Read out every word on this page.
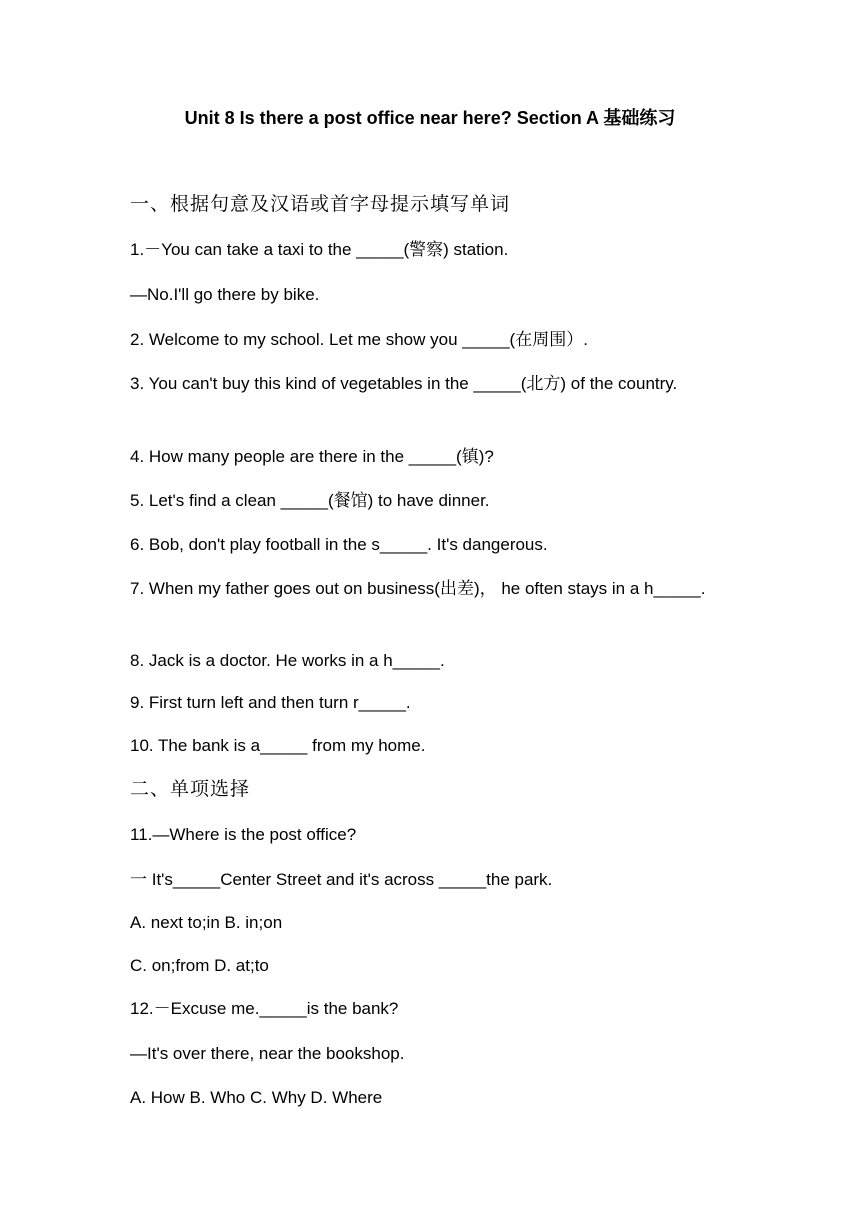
Unit 8 Is there a post office near here? Section A 基础练习
一、根据句意及汉语或首字母提示填写单词
1.－You can take a taxi to the _____(警察) station.
—No.I'll go there by bike.
2. Welcome to my school. Let me show you _____(在周围）.
3. You can't buy this kind of vegetables in the _____(北方) of the country.
4. How many people are there in the _____(镇)?
5. Let's find a clean _____(餐馆) to have dinner.
6. Bob, don't play football in the s_____. It's dangerous.
7. When my father goes out on business(出差)， he often stays in a h_____.
8. Jack is a doctor. He works in a h_____.
9. First turn left and then turn r_____.
10. The bank is a_____ from my home.
二、单项选择
11.—Where is the post office?
一 It's_____Center Street and it's across _____the park.
A. next to;in B. in;on
C. on;from D. at;to
12.－Excuse me._____is the bank?
—It's over there, near the bookshop.
A. How B. Who C. Why D. Where
